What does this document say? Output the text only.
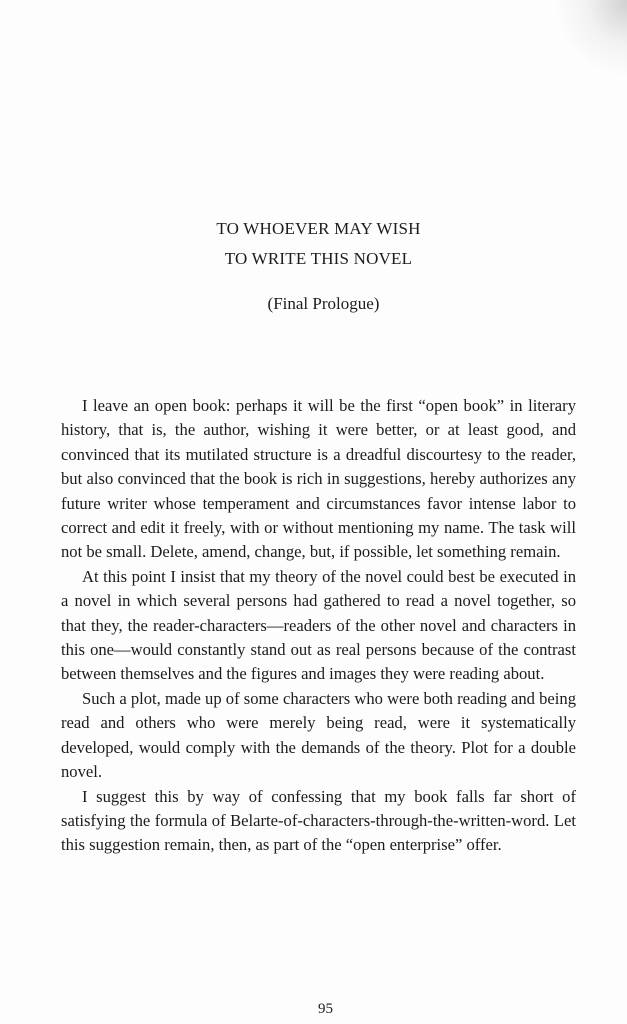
TO WHOEVER MAY WISH
TO WRITE THIS NOVEL
(Final Prologue)

I leave an open book: perhaps it will be the first “open book” in literary history, that is, the author, wishing it were better, or at least good, and convinced that its mutilated structure is a dreadful discourtesy to the reader, but also convinced that the book is rich in suggestions, hereby authorizes any future writer whose temperament and circumstances favor intense labor to correct and edit it freely, with or without mentioning my name. The task will not be small. Delete, amend, change, but, if possible, let something remain.

At this point I insist that my theory of the novel could best be executed in a novel in which several persons had gathered to read a novel together, so that they, the reader-characters—readers of the other novel and characters in this one—would constantly stand out as real persons because of the contrast between themselves and the figures and images they were reading about.

Such a plot, made up of some characters who were both reading and being read and others who were merely being read, were it systematically developed, would comply with the demands of the theory. Plot for a double novel.

I suggest this by way of confessing that my book falls far short of satisfying the formula of Belarte-of-characters-through-the-written-word. Let this suggestion remain, then, as part of the “open enterprise” offer.

95
